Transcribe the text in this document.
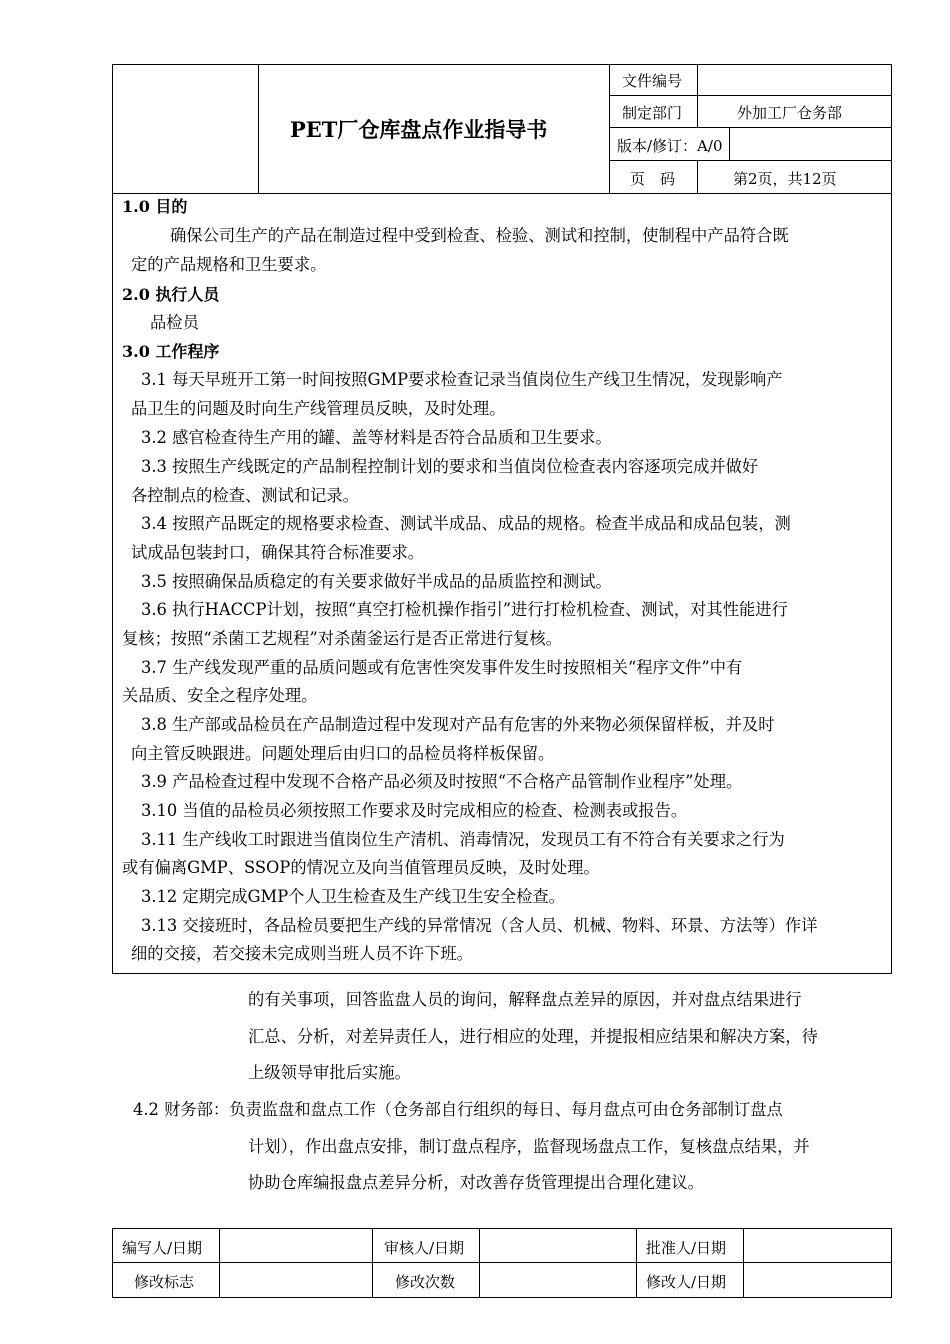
PET厂仓库盘点作业指导书
文件编号
制定部门	外加工厂仓务部
版本/修订：A/0
页　码	第2页，共12页
1.0 目的
确保公司生产的产品在制造过程中受到检查、检验、测试和控制，使制程中产品符合既
定的产品规格和卫生要求。
2.0 执行人员
品检员
3.0 工作程序
3.1 每天早班开工第一时间按照GMP要求检查记录当值岗位生产线卫生情况，发现影响产
品卫生的问题及时向生产线管理员反映，及时处理。
3.2 感官检查待生产用的罐、盖等材料是否符合品质和卫生要求。
3.3 按照生产线既定的产品制程控制计划的要求和当值岗位检查表内容逐项完成并做好
各控制点的检查、测试和记录。
3.4 按照产品既定的规格要求检查、测试半成品、成品的规格。检查半成品和成品包装，测
试成品包装封口，确保其符合标准要求。
3.5 按照确保品质稳定的有关要求做好半成品的品质监控和测试。
3.6 执行HACCP计划，按照“真空打检机操作指引”进行打检机检查、测试，对其性能进行
复核；按照“杀菌工艺规程”对杀菌釜运行是否正常进行复核。
3.7 生产线发现严重的品质问题或有危害性突发事件发生时按照相关“程序文件”中有
关品质、安全之程序处理。
3.8 生产部或品检员在产品制造过程中发现对产品有危害的外来物必须保留样板，并及时
向主管反映跟进。问题处理后由归口的品检员将样板保留。
3.9 产品检查过程中发现不合格产品必须及时按照“不合格产品管制作业程序”处理。
3.10 当值的品检员必须按照工作要求及时完成相应的检查、检测表或报告。
3.11 生产线收工时跟进当值岗位生产清机、消毒情况，发现员工有不符合有关要求之行为
或有偏离GMP、SSOP的情况立及向当值管理员反映，及时处理。
3.12 定期完成GMP个人卫生检查及生产线卫生安全检查。
3.13 交接班时，各品检员要把生产线的异常情况（含人员、机械、物料、环景、方法等）作详
细的交接，若交接未完成则当班人员不许下班。
的有关事项，回答监盘人员的询问，解释盘点差异的原因，并对盘点结果进行
汇总、分析，对差异责任人，进行相应的处理，并提报相应结果和解决方案，待
上级领导审批后实施。
4.2 财务部：负责监盘和盘点工作（仓务部自行组织的每日、每月盘点可由仓务部制订盘点
计划），作出盘点安排，制订盘点程序，监督现场盘点工作，复核盘点结果，并
协助仓库编报盘点差异分析，对改善存货管理提出合理化建议。
编写人/日期	审核人/日期	批准人/日期
修改标志	修改次数	修改人/日期
